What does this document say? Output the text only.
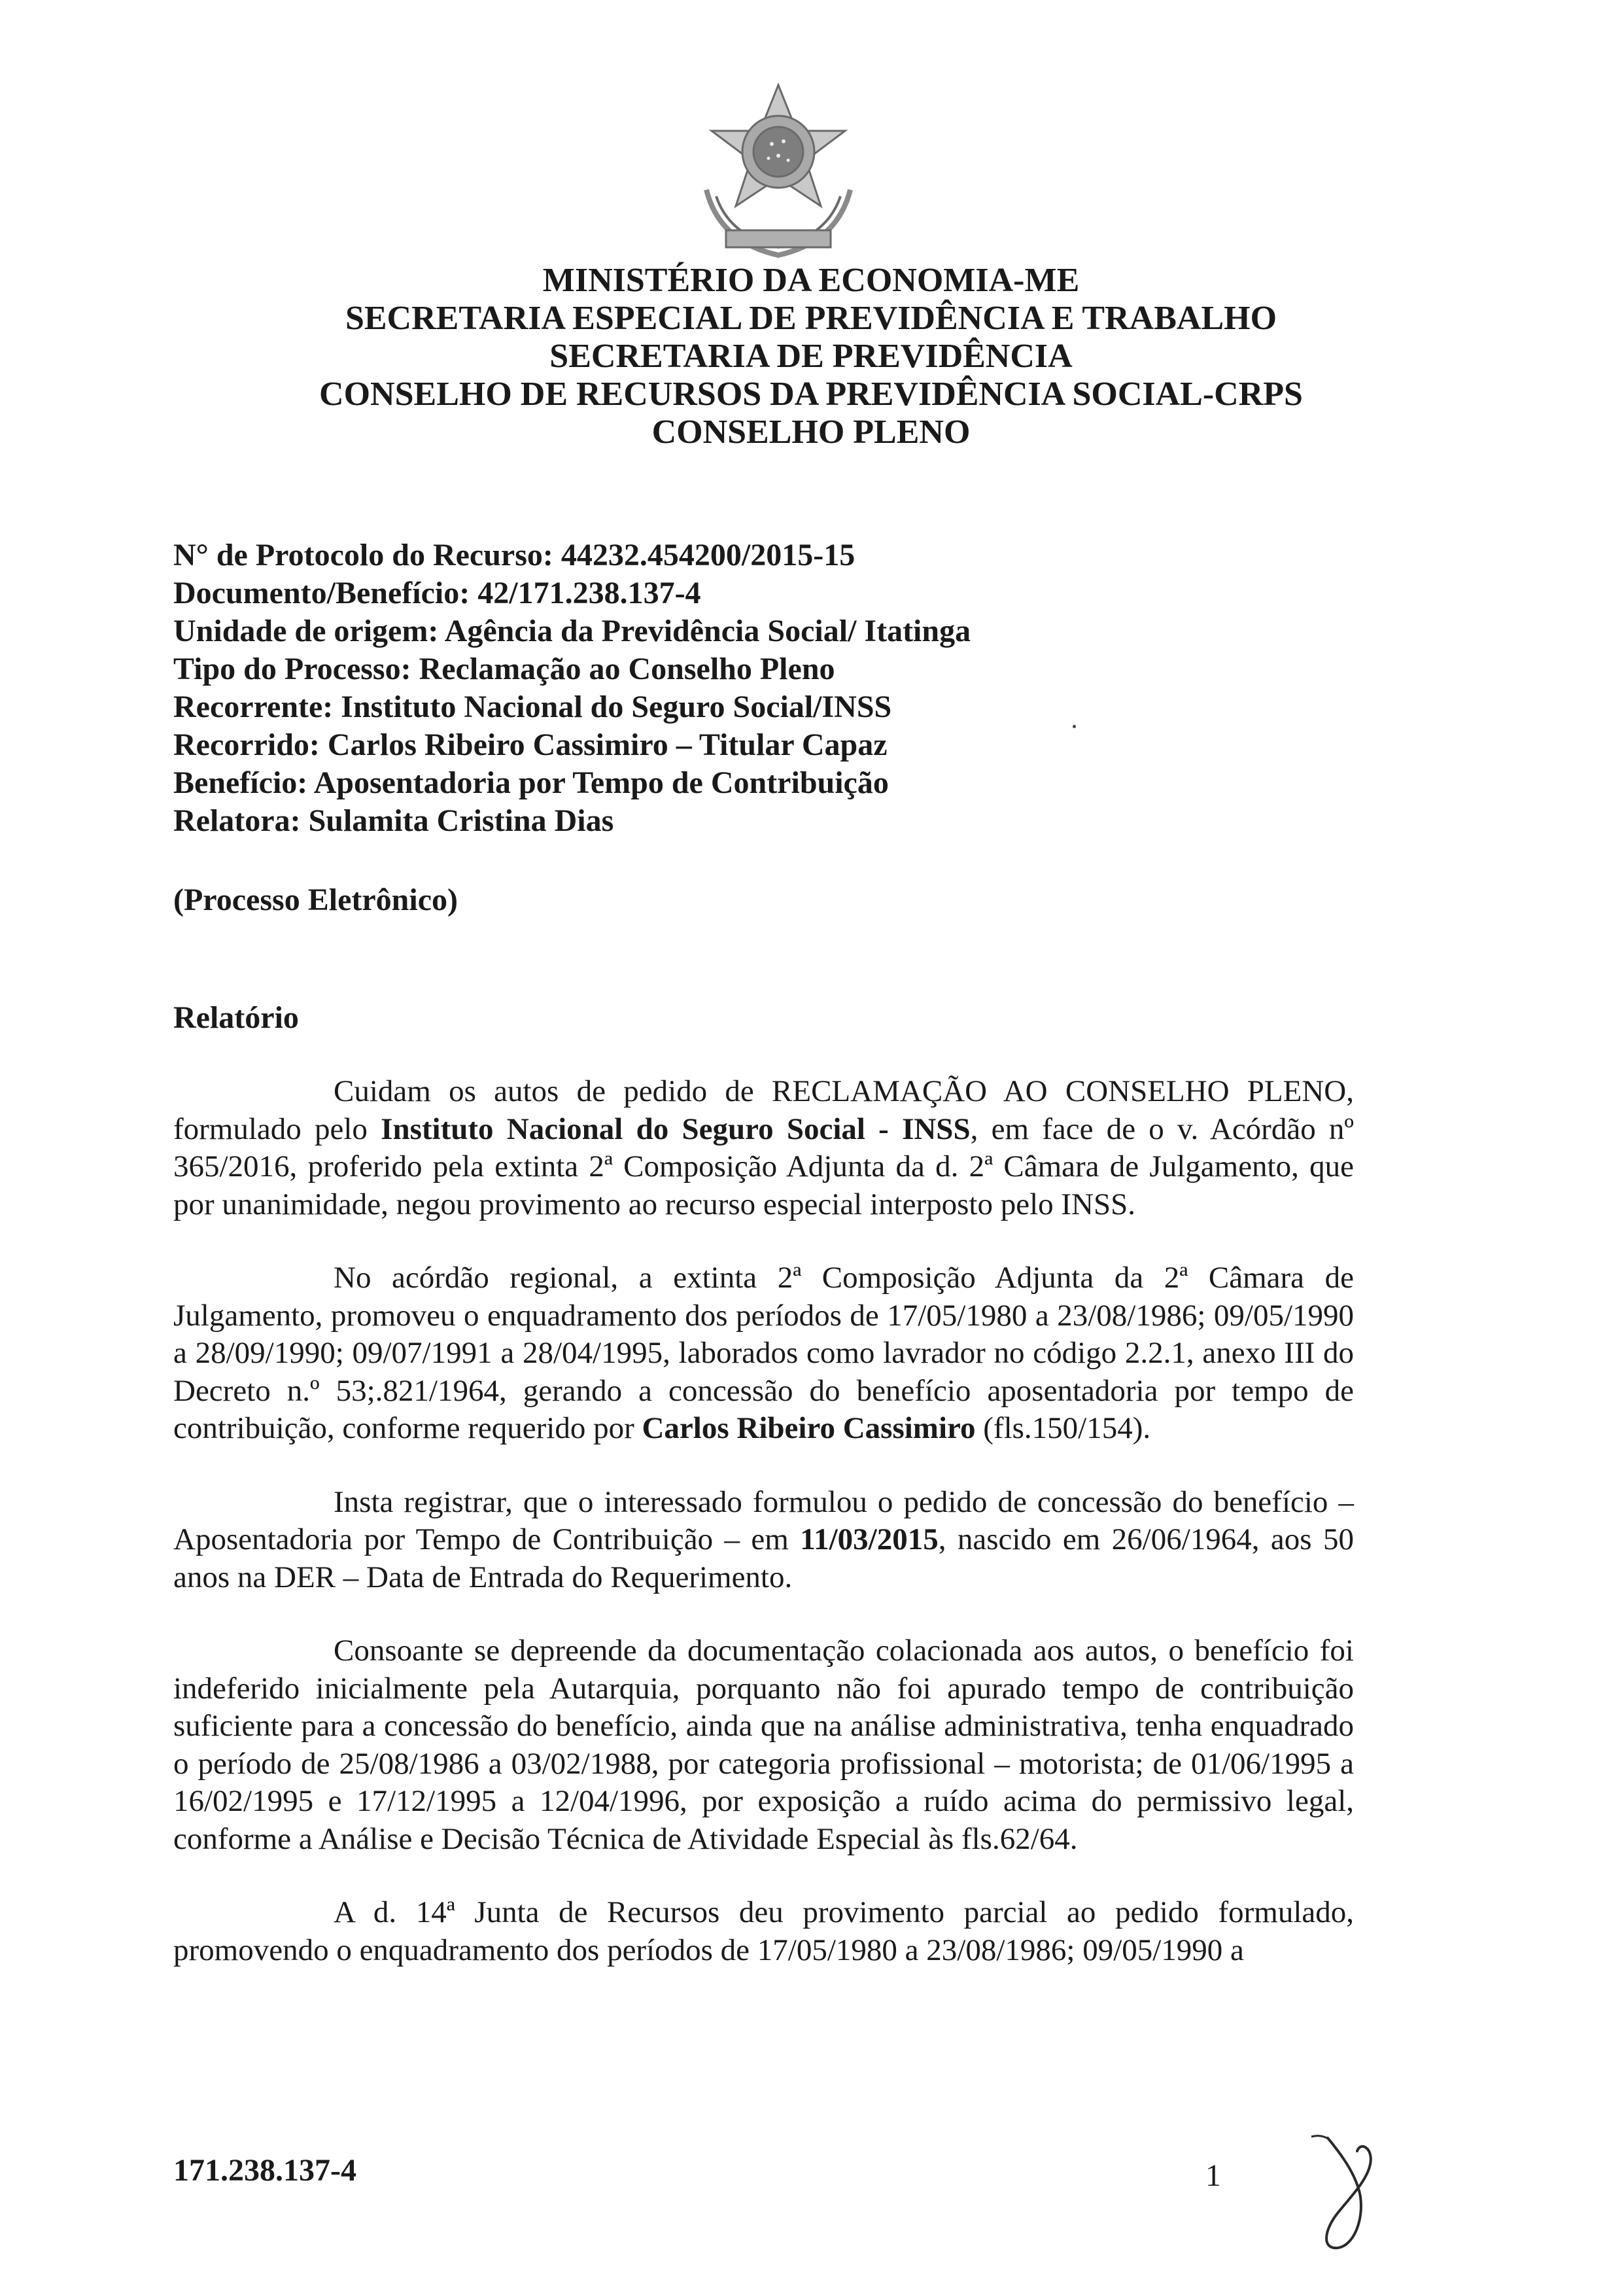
MINISTÉRIO DA ECONOMIA-ME
SECRETARIA ESPECIAL DE PREVIDÊNCIA E TRABALHO
SECRETARIA DE PREVIDÊNCIA
CONSELHO DE RECURSOS DA PREVIDÊNCIA SOCIAL-CRPS
CONSELHO PLENO
N° de Protocolo do Recurso: 44232.454200/2015-15
Documento/Benefício: 42/171.238.137-4
Unidade de origem: Agência da Previdência Social/ Itatinga
Tipo do Processo: Reclamação ao Conselho Pleno
Recorrente: Instituto Nacional do Seguro Social/INSS
Recorrido: Carlos Ribeiro Cassimiro – Titular Capaz
Benefício: Aposentadoria por Tempo de Contribuição
Relatora: Sulamita Cristina Dias
(Processo Eletrônico)
Relatório

Cuidam os autos de pedido de RECLAMAÇÃO AO CONSELHO PLENO, formulado pelo Instituto Nacional do Seguro Social - INSS, em face de o v. Acórdão nº 365/2016, proferido pela extinta 2ª Composição Adjunta da d. 2ª Câmara de Julgamento, que por unanimidade, negou provimento ao recurso especial interposto pelo INSS.

No acórdão regional, a extinta 2ª Composição Adjunta da 2ª Câmara de Julgamento, promoveu o enquadramento dos períodos de 17/05/1980 a 23/08/1986; 09/05/1990 a 28/09/1990; 09/07/1991 a 28/04/1995, laborados como lavrador no código 2.2.1, anexo III do Decreto n.º 53;.821/1964, gerando a concessão do benefício aposentadoria por tempo de contribuição, conforme requerido por Carlos Ribeiro Cassimiro (fls.150/154).

Insta registrar, que o interessado formulou o pedido de concessão do benefício – Aposentadoria por Tempo de Contribuição – em 11/03/2015, nascido em 26/06/1964, aos 50 anos na DER – Data de Entrada do Requerimento.

Consoante se depreende da documentação colacionada aos autos, o benefício foi indeferido inicialmente pela Autarquia, porquanto não foi apurado tempo de contribuição suficiente para a concessão do benefício, ainda que na análise administrativa, tenha enquadrado o período de 25/08/1986 a 03/02/1988, por categoria profissional – motorista; de 01/06/1995 a 16/02/1995 e 17/12/1995 a 12/04/1996, por exposição a ruído acima do permissivo legal, conforme a Análise e Decisão Técnica de Atividade Especial às fls.62/64.

A d. 14ª Junta de Recursos deu provimento parcial ao pedido formulado, promovendo o enquadramento dos períodos de 17/05/1980 a 23/08/1986; 09/05/1990 a

171.238.137-4	1
